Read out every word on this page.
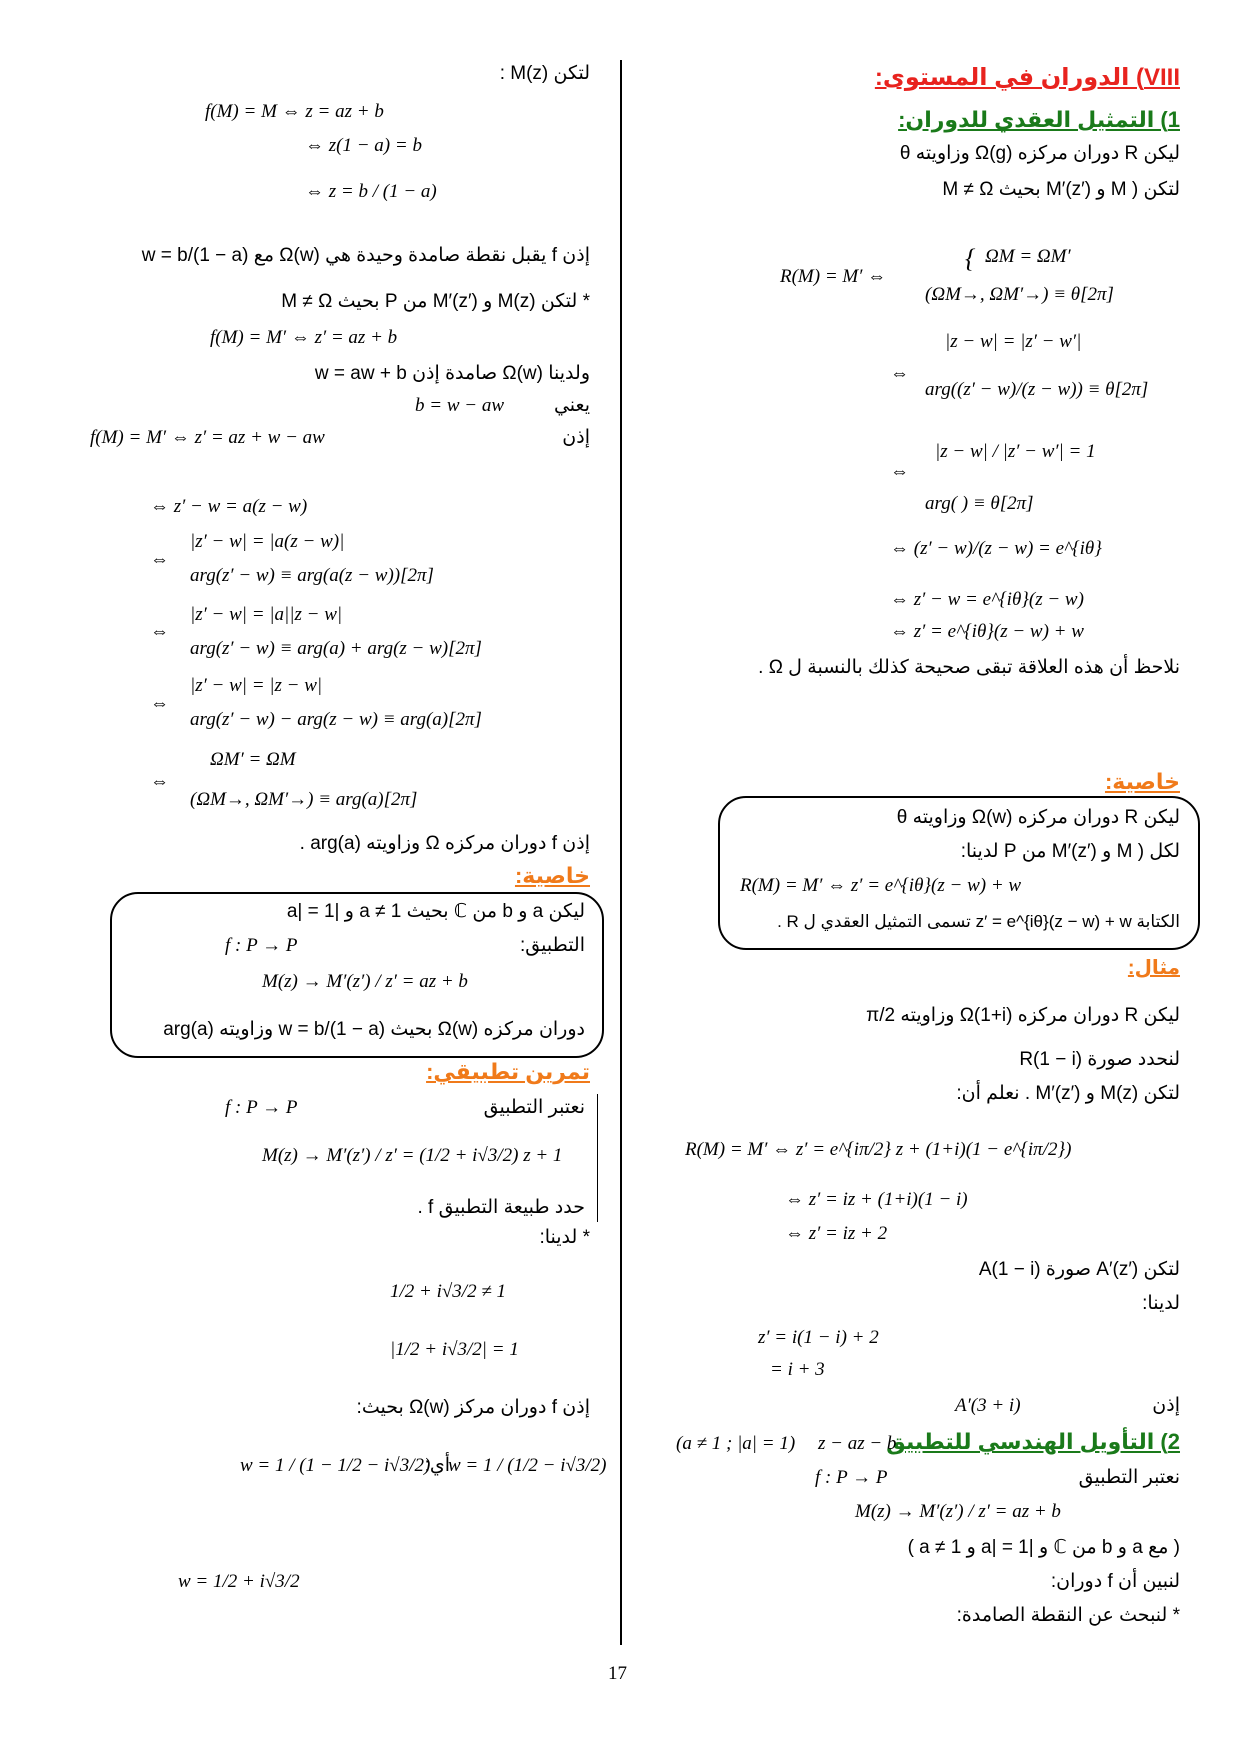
VIII) الدوران في المستوى:
1) التمثيل العقدي للدوران:
ليكن R دوران مركزه Ω(g) وزاويته θ
لتكن ( M و M′(z′) بحيث M ≠ Ω
R(M) = M′ ⇔
{ ΩM = ΩM′
(ΩM→, ΩM′→) ≡ θ[2π]
⇔
|z − w| = |z′ − w′|
arg((z′ − w)/(z − w)) ≡ θ[2π]
⇔
|z − w| / |z′ − w′| = 1
arg( ) ≡ θ[2π]
⇔ (z′ − w)/(z − w) = e^{iθ}
⇔ z′ − w = e^{iθ}(z − w)
⇔ z′ = e^{iθ}(z − w) + w
نلاحظ أن هذه العلاقة تبقى صحيحة كذلك بالنسبة ل Ω .
خاصية:
ليكن R دوران مركزه Ω(w) وزاويته θ
لكل ( M و M′(z′) من P لدينا:
R(M) = M′ ⇔ z′ = e^{iθ}(z − w) + w
الكتابة z′ = e^{iθ}(z − w) + w تسمى التمثيل العقدي ل R .
مثال:
ليكن R دوران مركزه Ω(1+i) وزاويته π/2
لنحدد صورة R(1 − i)
لتكن M(z) و M′(z′) . نعلم أن:
R(M) = M′ ⇔ z′ = e^{iπ/2} z + (1+i)(1 − e^{iπ/2})
⇔ z′ = iz + (1+i)(1 − i)
⇔ z′ = iz + 2
لتكن A′(z′) صورة A(1 − i)
لدينا:
z′ = i(1 − i) + 2
= i + 3
إذن
A′(3 + i)
2) التأويل الهندسي للتطبيق
z − az − b
(a ≠ 1 ; |a| = 1)
نعتبر التطبيق
f : P → P
M(z) → M′(z′) / z′ = az + b
( مع a و b من ℂ و |a| = 1 و a ≠ 1 )
لنبين أن f دوران:
* لنبحث عن النقطة الصامدة:
لتكن M(z) :
f(M) = M ⇔ z = az + b
⇔ z(1 − a) = b
⇔ z = b / (1 − a)
إذن f يقبل نقطة صامدة وحيدة هي Ω(w) مع w = b/(1 − a)
* لتكن M(z) و M′(z′) من P بحيث M ≠ Ω
f(M) = M′ ⇔ z′ = az + b
ولدينا Ω(w) صامدة إذن w = aw + b
يعني
b = w − aw
إذن
f(M) = M′ ⇔ z′ = az + w − aw
⇔ z′ − w = a(z − w)
⇔
|z′ − w| = |a(z − w)|
arg(z′ − w) ≡ arg(a(z − w))[2π]
⇔
|z′ − w| = |a||z − w|
arg(z′ − w) ≡ arg(a) + arg(z − w)[2π]
⇔
|z′ − w| = |z − w|
arg(z′ − w) − arg(z − w) ≡ arg(a)[2π]
⇔
ΩM′ = ΩM
(ΩM→, ΩM′→) ≡ arg(a)[2π]
إذن f دوران مركزه Ω وزاويته arg(a) .
خاصية:
ليكن a و b من ℂ بحيث a ≠ 1 و |a| = 1
التطبيق:
f : P → P
M(z) → M′(z′) / z′ = az + b
دوران مركزه Ω(w) بحيث w = b/(1 − a) وزاويته arg(a)
تمرين تطبيقي:
نعتبر التطبيق
f : P → P
M(z) → M′(z′) / z′ = (1/2 + i√3/2) z + 1
حدد طبيعة التطبيق f .
* لدينا:
1/2 + i√3/2 ≠ 1
|1/2 + i√3/2| = 1
إذن f دوران مركز Ω(w) بحيث:
w = 1 / (1 − 1/2 − i√3/2)
أي:
w = 1 / (1/2 − i√3/2)
w = 1/2 + i√3/2
17
